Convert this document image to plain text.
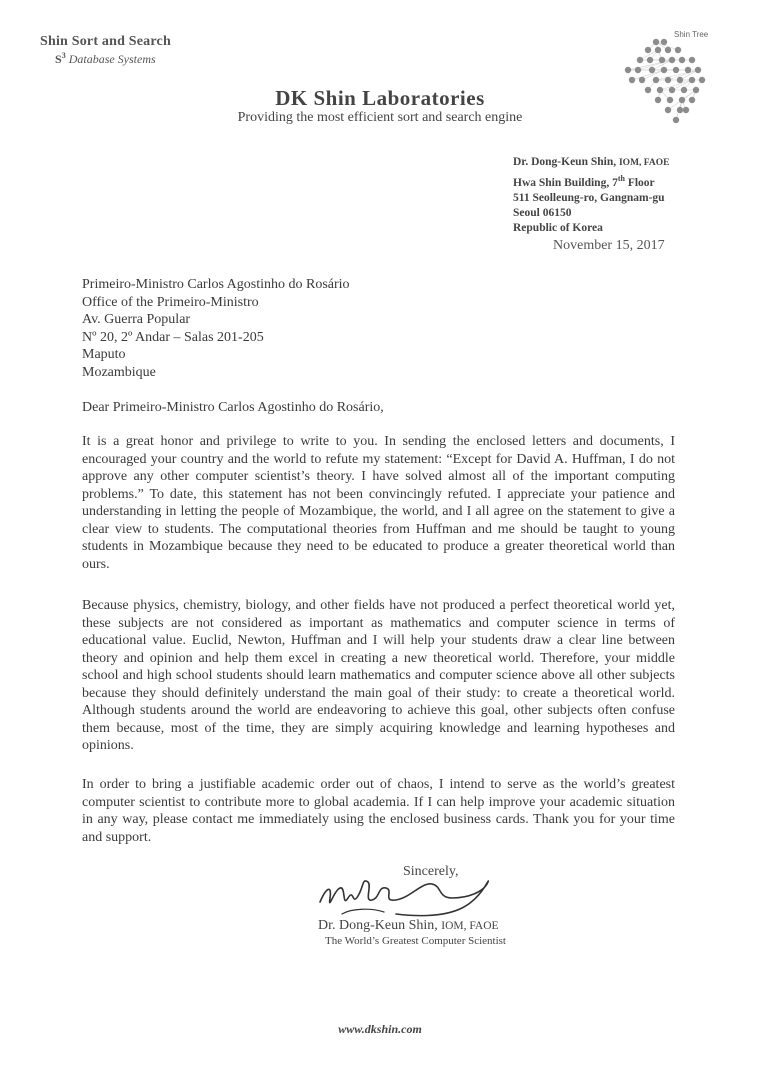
Shin Sort and Search
$S^3$ Database Systems
Shin Tree
DK Shin Laboratories
Providing the most efficient sort and search engine
Dr. Dong-Keun Shin, IOM, FAOE
Hwa Shin Building, 7th Floor
511 Seolleung-ro, Gangnam-gu
Seoul 06150
Republic of Korea
November 15, 2017
Primeiro-Ministro Carlos Agostinho do Rosário
Office of the Primeiro-Ministro
Av. Guerra Popular
Nº 20, 2º Andar – Salas 201-205
Maputo
Mozambique
Dear Primeiro-Ministro Carlos Agostinho do Rosário,
It is a great honor and privilege to write to you. In sending the enclosed letters and documents, I encouraged your country and the world to refute my statement: “Except for David A. Huffman, I do not approve any other computer scientist’s theory. I have solved almost all of the important computing problems.” To date, this statement has not been convincingly refuted. I appreciate your patience and understanding in letting the people of Mozambique, the world, and I all agree on the statement to give a clear view to students. The computational theories from Huffman and me should be taught to young students in Mozambique because they need to be educated to produce a greater theoretical world than ours.
Because physics, chemistry, biology, and other fields have not produced a perfect theoretical world yet, these subjects are not considered as important as mathematics and computer science in terms of educational value. Euclid, Newton, Huffman and I will help your students draw a clear line between theory and opinion and help them excel in creating a new theoretical world. Therefore, your middle school and high school students should learn mathematics and computer science above all other subjects because they should definitely understand the main goal of their study: to create a theoretical world. Although students around the world are endeavoring to achieve this goal, other subjects often confuse them because, most of the time, they are simply acquiring knowledge and learning hypotheses and opinions.
In order to bring a justifiable academic order out of chaos, I intend to serve as the world’s greatest computer scientist to contribute more to global academia. If I can help improve your academic situation in any way, please contact me immediately using the enclosed business cards. Thank you for your time and support.
Sincerely,
Dr. Dong-Keun Shin, IOM, FAOE
The World’s Greatest Computer Scientist
www.dkshin.com
